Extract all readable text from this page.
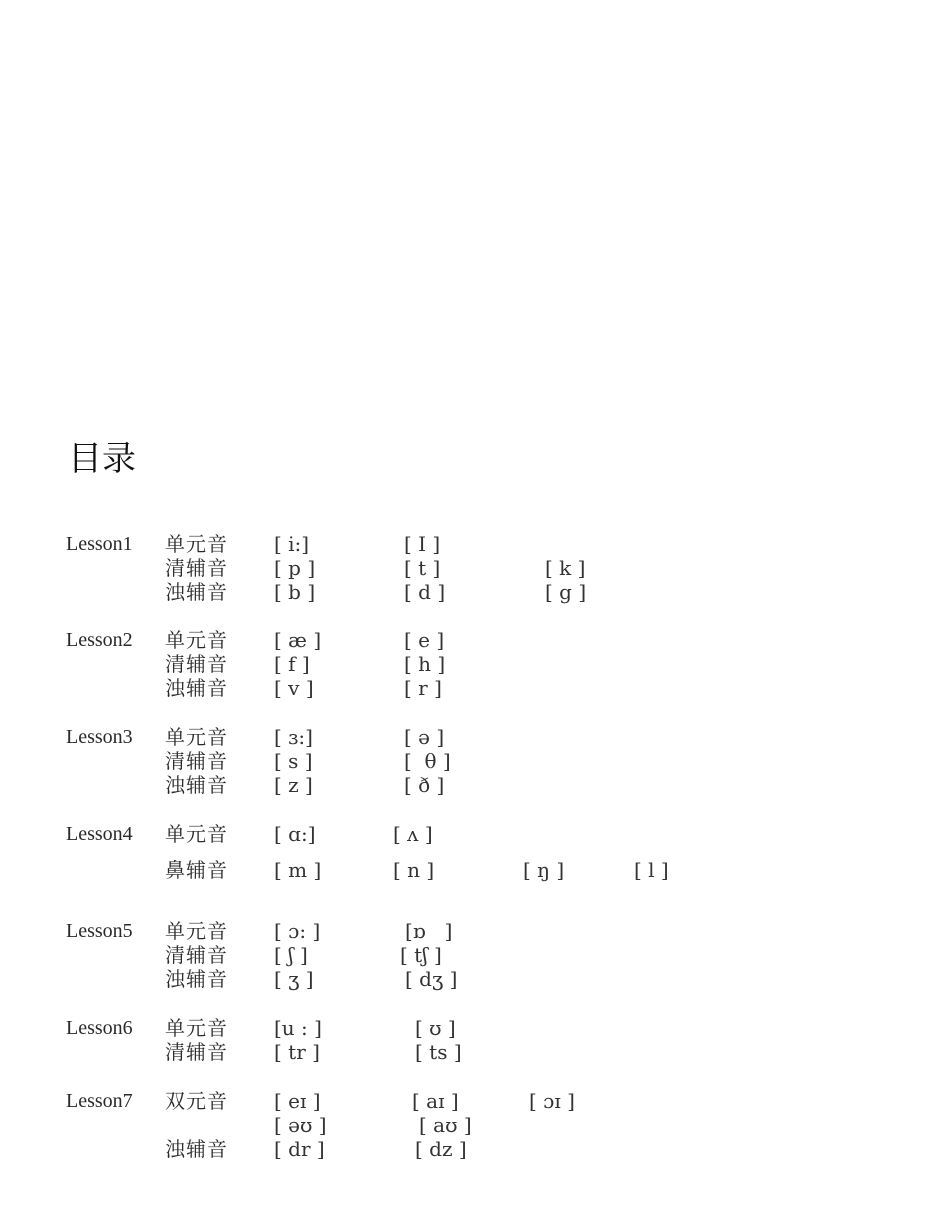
目录
Lesson1 单元音 [ i:]	[ I ]
清辅音 [ p ]	[ t ]	[ k ]
浊辅音 [ b ]	[ d ]	[ g ]
Lesson2 单元音 [ æ ]	[ e ]
清辅音 [ f ]	[ h ]
浊辅音 [ v ]	[ r ]
Lesson3 单元音 [ ɜ:]	[ ə ]
清辅音 [ s ]	[  θ ]
浊辅音 [ z ]	[ ð ]
Lesson4 单元音 [ ɑ:]	[ ʌ ]
鼻辅音 [ m ]	[ n ]	[ ŋ ]	[ l ]
Lesson5 单元音 [ ɔ: ]	[ɒ   ]
清辅音 [ ʃ ]	[ tʃ ]
浊辅音 [ ʒ ]	[ dʒ ]
Lesson6 单元音 [u : ]	[ ʊ ]
清辅音 [ tr ]	[ ts ]
Lesson7 双元音 [ eɪ ]	[ aɪ ]	[ ɔɪ ]
[ əʊ ]	[ aʊ ]
浊辅音 [ dr ]	[ dz ]
